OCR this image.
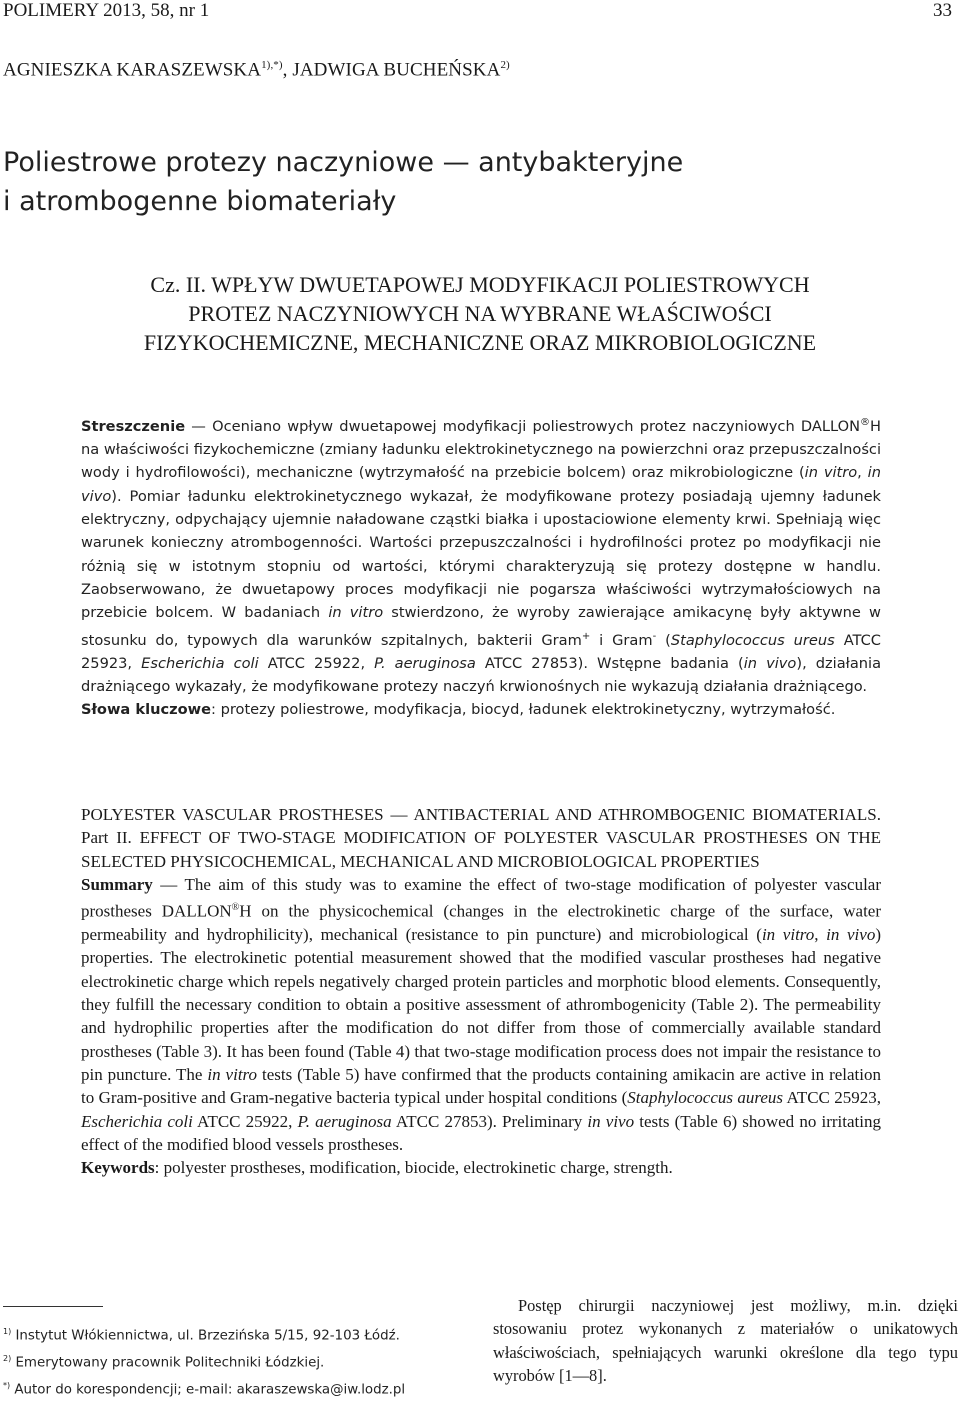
POLIMERY 2013, 58, nr 1	33
AGNIESZKA $KARASZEWSKA^{1),*)}$, JADWIGA BUCHEŃSKA$^{2)}$
Poliestrowe protezy naczyniowe — antybakteryjne
i atrombogenne biomateriały
Cz. II. WPŁYW DWUETAPOWEJ MODYFIKACJI POLIESTROWYCH
PROTEZ NACZYNIOWYCH NA WYBRANE WŁAŚCIWOŚCI
FIZYKOCHEMICZNE, MECHANICZNE ORAZ MIKROBIOLOGICZNE
Streszczenie — Oceniano wpływ dwuetapowej modyfikacji poliestrowych protez naczyniowych DALLON®H na właściwości fizykochemiczne (zmiany ładunku elektrokinetycznego na powierzchni oraz przepuszczalności wody i hydrofilowości), mechaniczne (wytrzymałość na przebicie bolcem) oraz mikrobiologiczne (in vitro, in vivo). Pomiar ładunku elektrokinetycznego wykazał, że modyfikowane protezy posiadają ujemny ładunek elektryczny, odpychający ujemnie naładowane cząstki białka i upostaciowione elementy krwi. Spełniają więc warunek konieczny atrombogenności. Wartości przepuszczalności i hydrofilności protez po modyfikacji nie różnią się w istotnym stopniu od wartości, którymi charakteryzują się protezy dostępne w handlu. Zaobserwowano, że dwuetapowy proces modyfikacji nie pogarsza właściwości wytrzymałościowych na przebicie bolcem. W badaniach in vitro stwierdzono, że wyroby zawierające amikacynę były aktywne w stosunku do, typowych dla warunków szpitalnych, bakterii Gram+ i Gram- (Staphylococcus ureus ATCC 25923, Escherichia coli ATCC 25922, P. aeruginosa ATCC 27853). Wstępne badania (in vivo), działania drażniącego wykazały, że modyfikowane protezy naczyń krwionośnych nie wykazują działania drażniącego.
Słowa kluczowe: protezy poliestrowe, modyfikacja, biocyd, ładunek elektrokinetyczny, wytrzymałość.
POLYESTER VASCULAR PROSTHESES — ANTIBACTERIAL AND ATHROMBOGENIC BIOMATERIALS. Part II. EFFECT OF TWO-STAGE MODIFICATION OF POLYESTER VASCULAR PROSTHESES ON THE SELECTED PHYSICOCHEMICAL, MECHANICAL AND MICROBIOLOGICAL PROPERTIES
Summary — The aim of this study was to examine the effect of two-stage modification of polyester vascular prostheses DALLON®H on the physicochemical (changes in the electrokinetic charge of the surface, water permeability and hydrophilicity), mechanical (resistance to pin puncture) and microbiological (in vitro, in vivo) properties. The electrokinetic potential measurement showed that the modified vascular prostheses had negative electrokinetic charge which repels negatively charged protein particles and morphotic blood elements. Consequently, they fulfill the necessary condition to obtain a positive assessment of athrombogenicity (Table 2). The permeability and hydrophilic properties after the modification do not differ from those of commercially available standard prostheses (Table 3). It has been found (Table 4) that two-stage modification process does not impair the resistance to pin puncture. The in vitro tests (Table 5) have confirmed that the products containing amikacin are active in relation to Gram-positive and Gram-negative bacteria typical under hospital conditions (Staphylococcus aureus ATCC 25923, Escherichia coli ATCC 25922, P. aeruginosa ATCC 27853). Preliminary in vivo tests (Table 6) showed no irritating effect of the modified blood vessels prostheses.
Keywords: polyester prostheses, modification, biocide, electrokinetic charge, strength.
$^{1)}$ Instytut Włókiennictwa, ul. Brzezińska 5/15, 92-103 Łódź.
$^{2)}$ Emerytowany pracownik Politechniki Łódzkiej.
*) Autor do korespondencji; e-mail: akaraszewska@iw.lodz.pl
Postęp chirurgii naczyniowej jest możliwy, m.in. dzięki stosowaniu protez wykonanych z materiałów o unikatowych właściwościach, spełniających warunki określone dla tego typu wyrobów [1—8].
